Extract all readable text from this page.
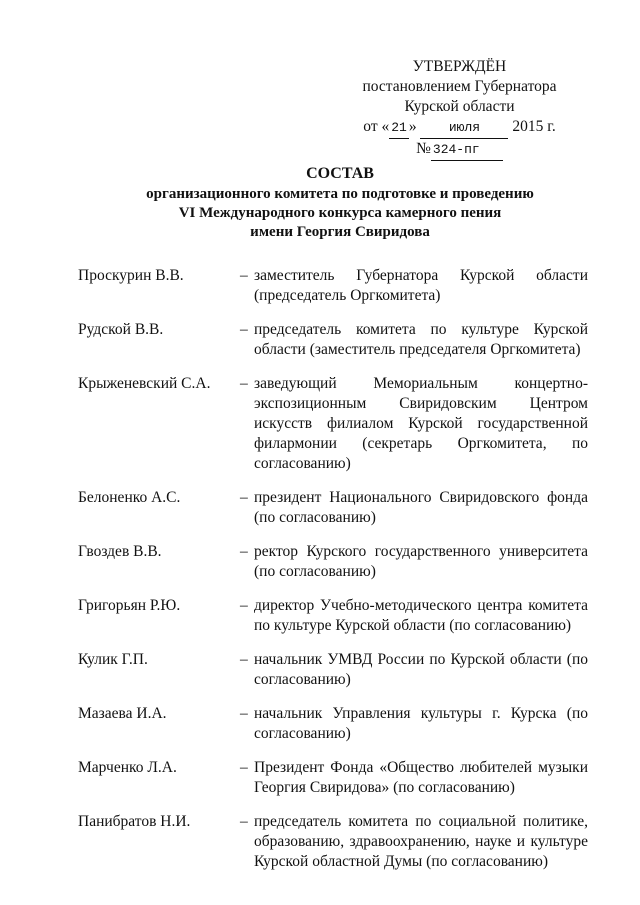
УТВЕРЖДЁН
постановлением Губернатора
Курской области
от « 21 » июля 2015 г.
№ 324-пг
СОСТАВ
организационного комитета по подготовке и проведению
VI Международного конкурса камерного пения
имени Георгия Свиридова
Проскурин В.В.	– заместитель Губернатора Курской области (председатель Оргкомитета)
Рудской В.В.	– председатель комитета по культуре Курской области (заместитель председателя Оргкомитета)
Крыженевский С.А.	– заведующий Мемориальным концертно-экспозиционным Свиридовским Центром искусств филиалом Курской государственной филармонии (секретарь Оргкомитета, по согласованию)
Белоненко А.С.	– президент Национального Свиридовского фонда (по согласованию)
Гвоздев В.В.	– ректор Курского государственного университета (по согласованию)
Григорьян Р.Ю.	– директор Учебно-методического центра комитета по культуре Курской области (по согласованию)
Кулик Г.П.	– начальник УМВД России по Курской области (по согласованию)
Мазаева И.А.	– начальник Управления культуры г. Курска (по согласованию)
Марченко Л.А.	– Президент Фонда «Общество любителей музыки Георгия Свиридова» (по согласованию)
Панибратов Н.И.	– председатель комитета по социальной политике, образованию, здравоохранению, науке и культуре Курской областной Думы (по согласованию)
